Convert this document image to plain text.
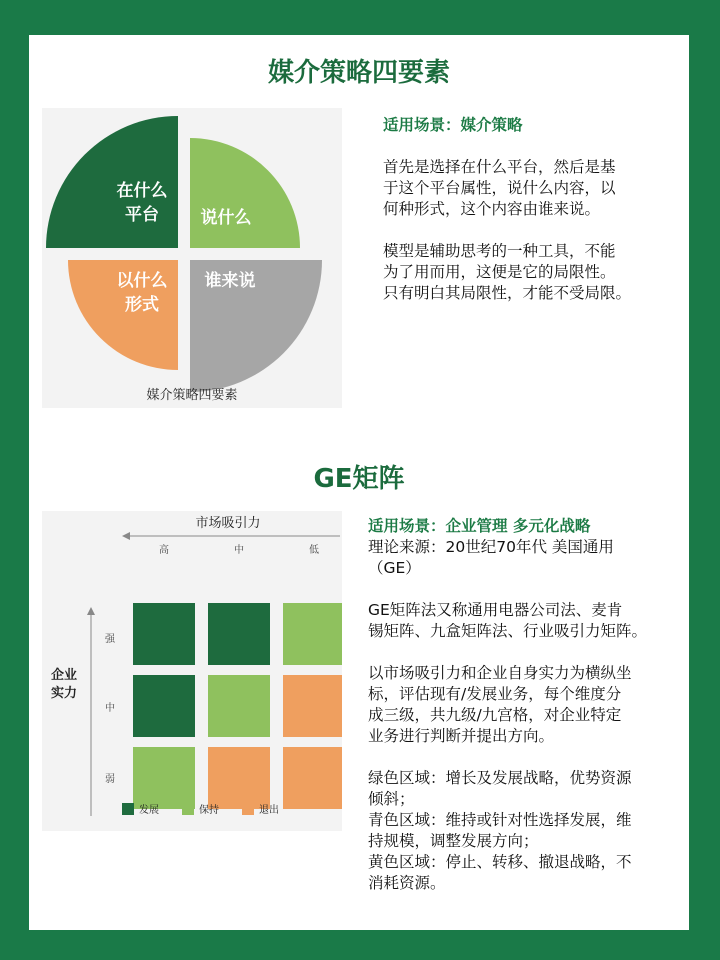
媒介策略四要素
在什么
平台 说什么
以什么
形式
谁来说
媒介策略四要素

适用场景：媒介策略

首先是选择在什么平台，然后是基

于这个平台属性，说什么内容，以

何种形式，这个内容由谁来说。

模型是辅助思考的一种工具，不能

为了用而用，这便是它的局限性。

只有明白其局限性，才能不受局限。

GE矩阵
市场吸引力
高	中	低
企业
实力
强
中
弱
发展	保持	退出

适用场景：企业管理 多元化战略

理论来源：20世纪70年代 美国通用

（GE）

GE矩阵法又称通用电器公司法、麦肯

锡矩阵、九盒矩阵法、行业吸引力矩阵。

以市场吸引力和企业自身实力为横纵坐

标，评估现有/发展业务，每个维度分

成三级，共九级/九宫格，对企业特定

业务进行判断并提出方向。

绿色区域：增长及发展战略，优势资源

倾斜；

青色区域：维持或针对性选择发展，维

持规模，调整发展方向；

黄色区域：停止、转移、撤退战略，不

消耗资源。
